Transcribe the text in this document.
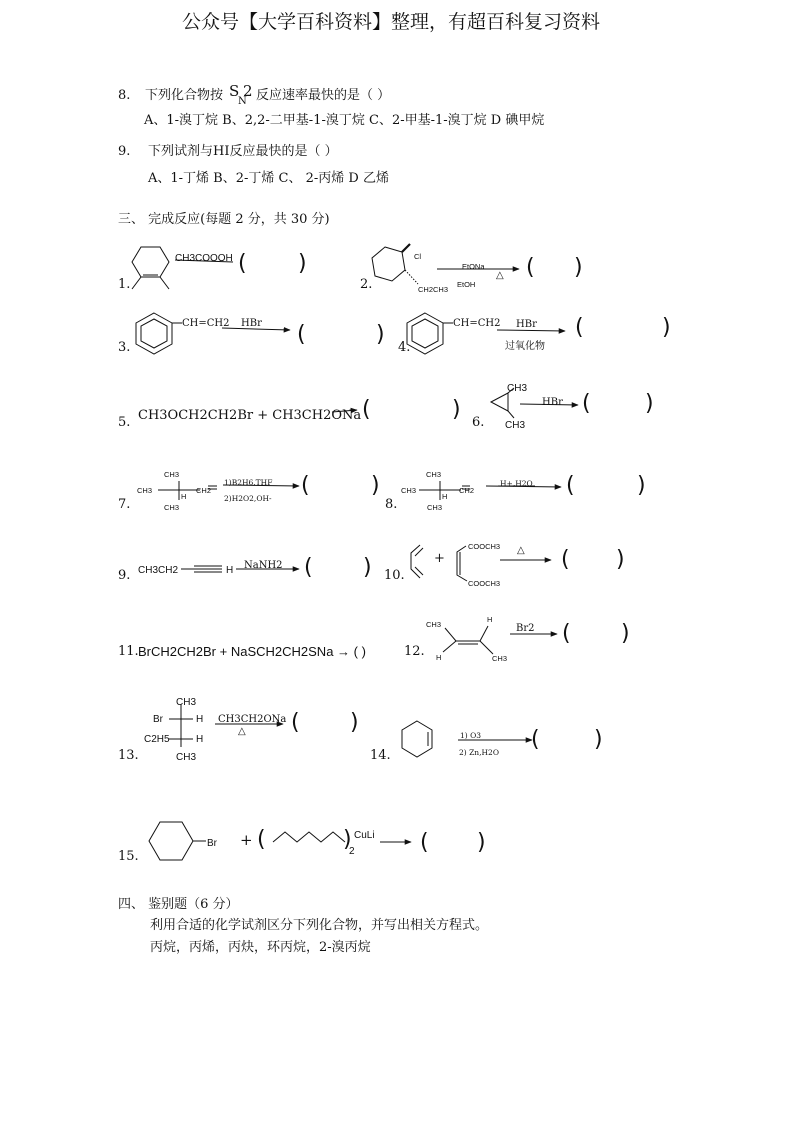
公众号【大学百科资料】整理，有超百科复习资料
8. 下列化合物按 S
N
2 反应速率最快的是（ ）
A、1-溴丁烷 B、2,2-二甲基-1-溴丁烷 C、2-甲基-1-溴丁烷 D 碘甲烷
9. 下列试剂与HI反应最快的是（ ）
A、1-丁烯 B、2-丁烯 C、 2-丙烯 D 乙烯
三、 完成反应(每题 2 分，共 30 分)
1.
CH3COOOH ( )
2.
Cl
EtONa
EtOH
△
CH2CH3
( )
3.
CH=CH2 HBr (	)
4.
CH=CH2 HBr
过氧化物
(	)
5. CH3OCH2CH2Br + CH3CH2ONa (	)
6.
CH3
CH3
HBr ( )
7.
CH3
CH3
CH3
H
CH2
1)B2H6,THF
2)H2O2,OH-
(	)
8.
CH3
CH3
CH3
H
CH2
H+,H2O (	)
9. CH3CH2	H NaNH2 ( ) 10.
+
COOCH3
COOCH3
△ ( )
11. BrCH2CH2Br + NaSCH2CH2SNa → ( )	12.
CH3
H
H	CH3
Br2 ( )
13.
CH3
Br	H
C2H5	H
CH3
CH3CH2ONa
△ ( )
14.
1) O3
2) Zn,H2O
( )
15.
Br + (	)
2
CuLi ( )
四、 鉴别题（6 分）
利用合适的化学试剂区分下列化合物，并写出相关方程式。
丙烷，丙烯，丙炔，环丙烷，2-溴丙烷
